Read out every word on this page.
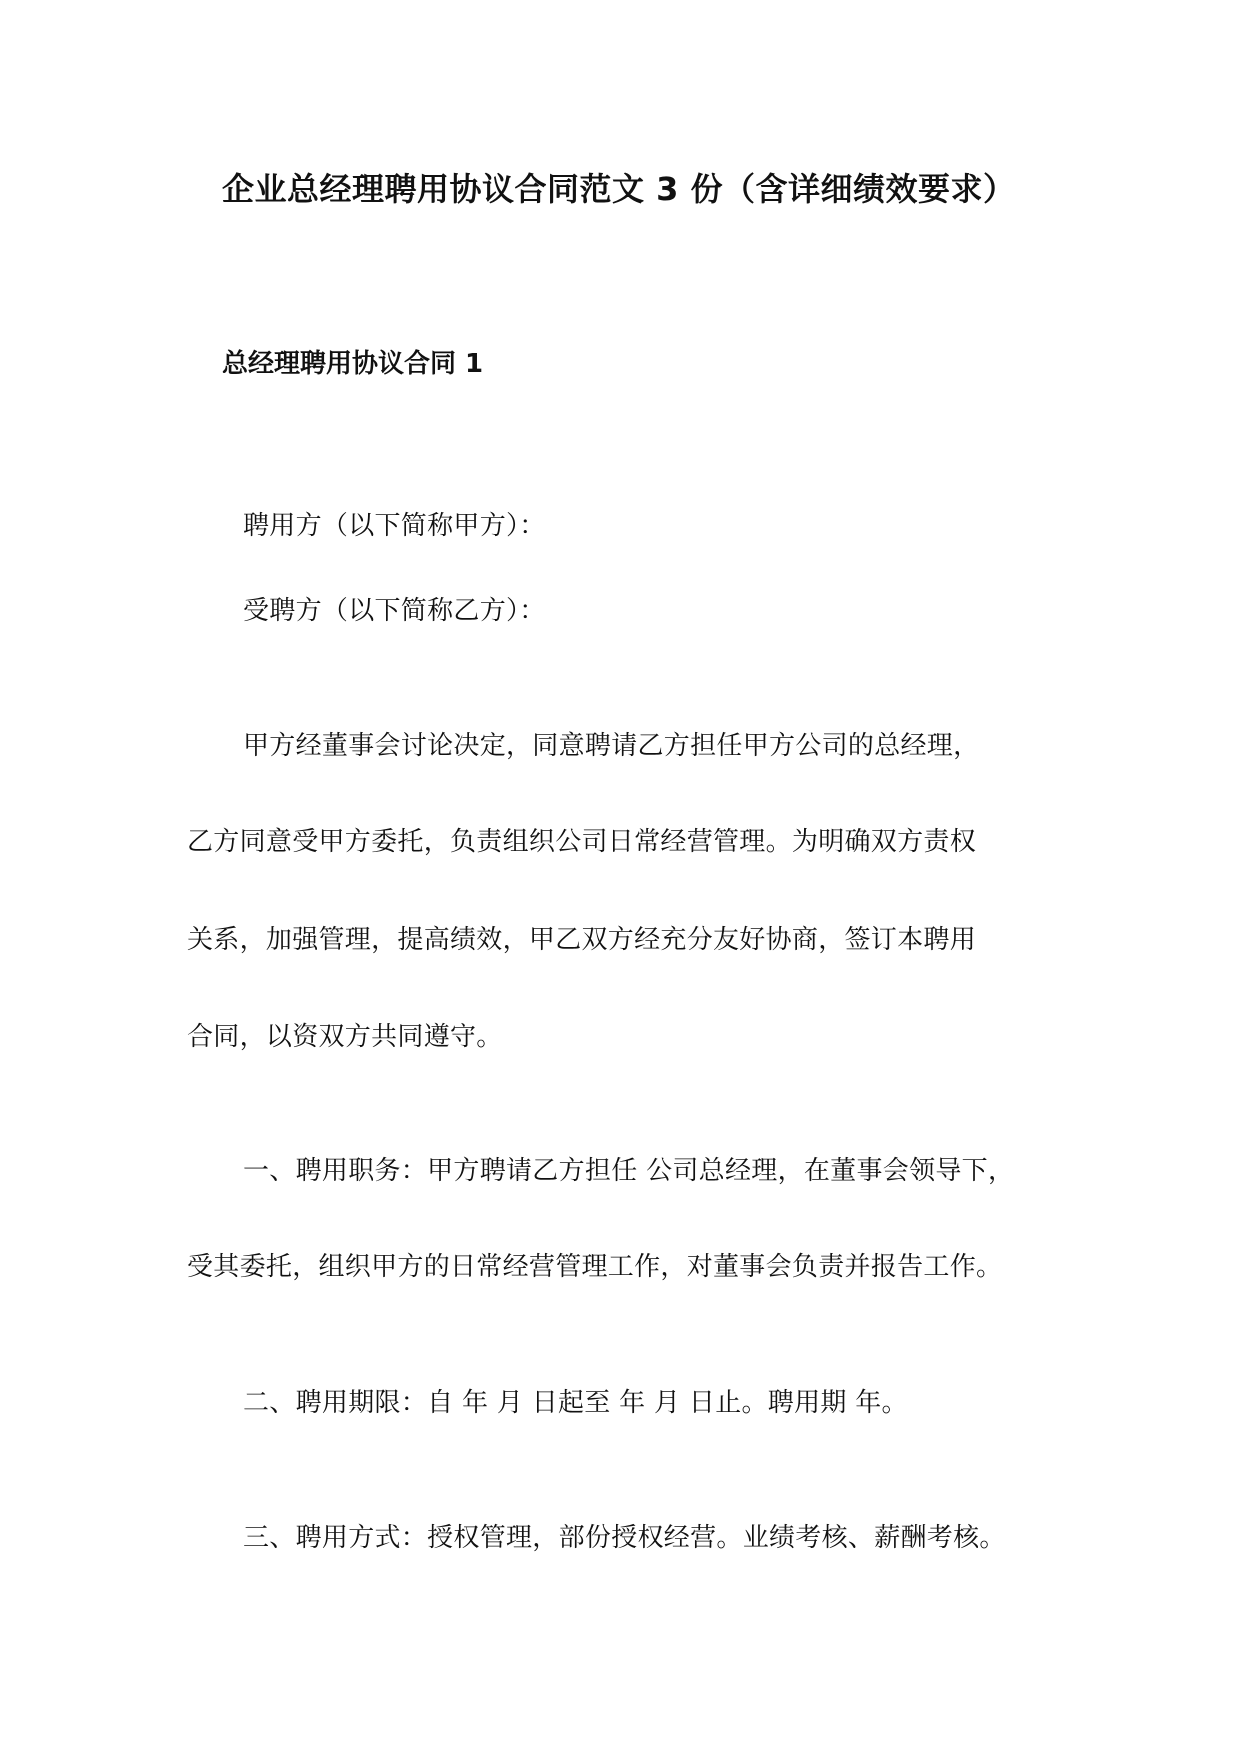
企业总经理聘用协议合同范文 3 份（含详细绩效要求）
总经理聘用协议合同 1
聘用方（以下简称甲方）：
受聘方（以下简称乙方）：
甲方经董事会讨论决定，同意聘请乙方担任甲方公司的总经理，
乙方同意受甲方委托，负责组织公司日常经营管理。为明确双方责权
关系，加强管理，提高绩效，甲乙双方经充分友好协商，签订本聘用
合同，以资双方共同遵守。
一、聘用职务：甲方聘请乙方担任 公司总经理，在董事会领导下，
受其委托，组织甲方的日常经营管理工作，对董事会负责并报告工作。
二、聘用期限：自 年 月 日起至 年 月 日止。聘用期 年。
三、聘用方式：授权管理，部份授权经营。业绩考核、薪酬考核。
